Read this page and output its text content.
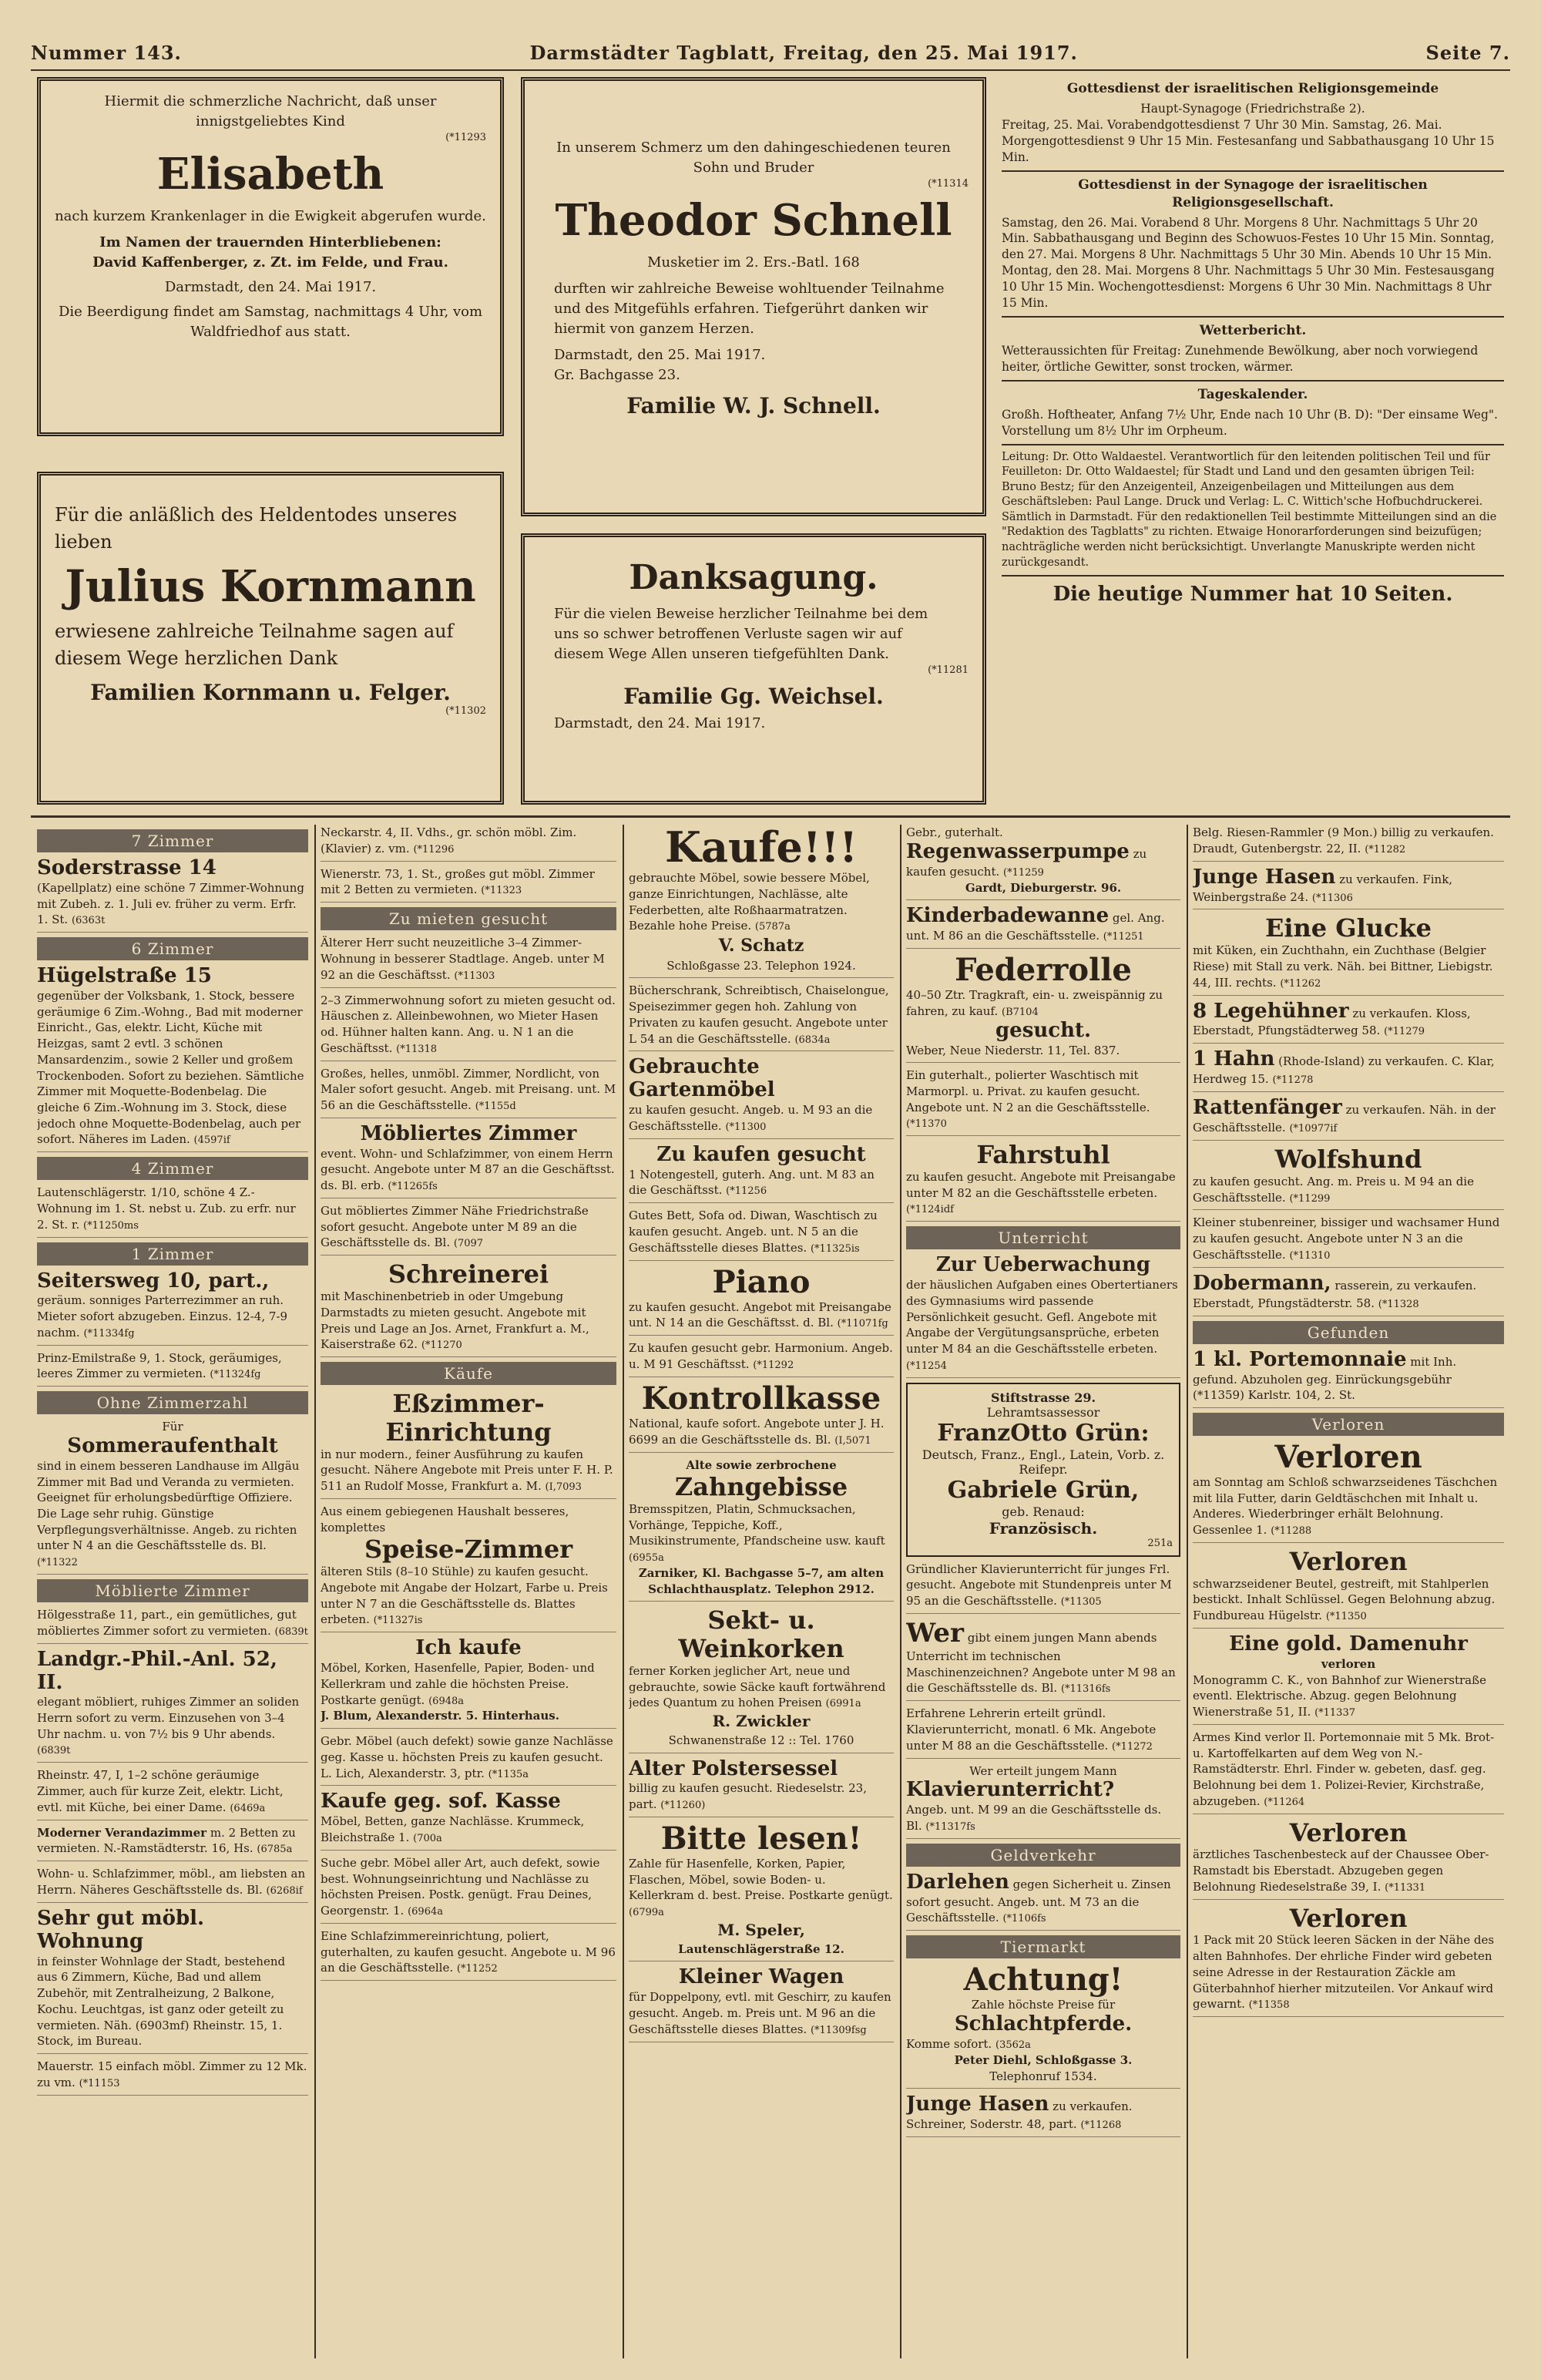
Nummer 143.	Darmstädter Tagblatt, Freitag, den 25. Mai 1917.	Seite 7.
Hiermit die schmerzliche Nachricht, daß unser innigstgeliebtes Kind
(*11293
Elisabeth
nach kurzem Krankenlager in die Ewigkeit abgerufen wurde.
Im Namen der trauernden Hinterbliebenen:
David Kaffenberger, z. Zt. im Felde, und Frau.
Darmstadt, den 24. Mai 1917.
Die Beerdigung findet am Samstag, nachmittags 4 Uhr, vom Waldfriedhof aus statt.
In unserem Schmerz um den dahingeschiedenen teuren Sohn und Bruder
(*11314
Theodor Schnell
Musketier im 2. Ers.-Batl. 168
durften wir zahlreiche Beweise wohltuender Teilnahme und des Mitgefühls erfahren. Tiefgerührt danken wir hiermit von ganzem Herzen.
Darmstadt, den 25. Mai 1917.
Gr. Bachgasse 23.
Familie W. J. Schnell.
Für die anläßlich des Heldentodes unseres lieben
Julius Kornmann
erwiesene zahlreiche Teilnahme sagen auf diesem Wege herzlichen Dank
Familien Kornmann u. Felger.
(*11302
Danksagung.
Für die vielen Beweise herzlicher Teilnahme bei dem uns so schwer betroffenen Verluste sagen wir auf diesem Wege Allen unseren tiefgefühlten Dank.
(*11281
Familie Gg. Weichsel.
Darmstadt, den 24. Mai 1917.
Gottesdienst der israelitischen Religionsgemeinde
Haupt-Synagoge (Friedrichstraße 2).
Freitag, 25. Mai. Vorabendgottesdienst 7 Uhr 30 Min. Samstag, 26. Mai. Morgengottesdienst 9 Uhr 15 Min. Festesanfang und Sabbathausgang 10 Uhr 15 Min.
Gottesdienst in der Synagoge der israelitischen Religionsgesellschaft.
Samstag, den 26. Mai. Vorabend 8 Uhr. Morgens 8 Uhr. Nachmittags 5 Uhr 20 Min. Sabbathausgang und Beginn des Schowuos-Festes 10 Uhr 15 Min. Sonntag, den 27. Mai. Morgens 8 Uhr. Nachmittags 5 Uhr 30 Min. Abends 10 Uhr 15 Min. Montag, den 28. Mai. Morgens 8 Uhr. Nachmittags 5 Uhr 30 Min. Festesausgang 10 Uhr 15 Min. Wochengottesdienst: Morgens 6 Uhr 30 Min. Nachmittags 8 Uhr 15 Min.
Wetterbericht.
Wetteraussichten für Freitag: Zunehmende Bewölkung, aber noch vorwiegend heiter, örtliche Gewitter, sonst trocken, wärmer.
Tageskalender.
Großh. Hoftheater, Anfang 7½ Uhr, Ende nach 10 Uhr (B. D): "Der einsame Weg". Vorstellung um 8½ Uhr im Orpheum.
Leitung: Dr. Otto Waldaestel. Verantwortlich für den leitenden politischen Teil und für Feuilleton: Dr. Otto Waldaestel; für Stadt und Land und den gesamten übrigen Teil: Bruno Bestz; für den Anzeigenteil, Anzeigenbeilagen und Mitteilungen aus dem Geschäftsleben: Paul Lange. Druck und Verlag: L. C. Wittich'sche Hofbuchdruckerei. Sämtlich in Darmstadt. Für den redaktionellen Teil bestimmte Mitteilungen sind an die "Redaktion des Tagblatts" zu richten. Etwaige Honorarforderungen sind beizufügen; nachträgliche werden nicht berücksichtigt. Unverlangte Manuskripte werden nicht zurückgesandt.
Die heutige Nummer hat 10 Seiten.
7 Zimmer
Soderstrasse 14
(Kapellplatz) eine schöne 7 Zimmer-Wohnung mit Zubeh. z. 1. Juli ev. früher zu verm. Erfr. 1. St. (6363t
6 Zimmer
Hügelstraße 15
gegenüber der Volksbank, 1. Stock, bessere geräumige 6 Zim.-Wohng., Bad mit moderner Einricht., Gas, elektr. Licht, Küche mit Heizgas, samt 2 evtl. 3 schönen Mansardenzim., sowie 2 Keller und großem Trockenboden. Sofort zu beziehen. Sämtliche Zimmer mit Moquette-Bodenbelag. Die gleiche 6 Zim.-Wohnung im 3. Stock, diese jedoch ohne Moquette-Bodenbelag, auch per sofort. Näheres im Laden. (4597if
4 Zimmer
Lautenschlägerstr. 1/10, schöne 4 Z.-Wohnung im 1. St. nebst u. Zub. zu erfr. nur 2. St. r. (*11250ms
1 Zimmer
Seitersweg 10, part.,
geräum. sonniges Parterrezimmer an ruh. Mieter sofort abzugeben. Einzus. 12-4, 7-9 nachm. (*11334fg
Prinz-Emilstraße 9, 1. Stock, geräumiges, leeres Zimmer zu vermieten. (*11324fg
Ohne Zimmerzahl
Für
Sommeraufenthalt
sind in einem besseren Landhause im Allgäu Zimmer mit Bad und Veranda zu vermieten. Geeignet für erholungsbedürftige Offiziere. Die Lage sehr ruhig. Günstige Verpflegungsverhältnisse. Angeb. zu richten unter N 4 an die Geschäftsstelle ds. Bl. (*11322
Möblierte Zimmer
Hölgesstraße 11, part., ein gemütliches, gut möbliertes Zimmer sofort zu vermieten. (6839t
Landgr.-Phil.-Anl. 52, II.
elegant möbliert, ruhiges Zimmer an soliden Herrn sofort zu verm. Einzusehen von 3–4 Uhr nachm. u. von 7½ bis 9 Uhr abends. (6839t
Rheinstr. 47, I, 1–2 schöne geräumige Zimmer, auch für kurze Zeit, elektr. Licht, evtl. mit Küche, bei einer Dame. (6469a
Moderner Verandazimmer m. 2 Betten zu vermieten. N.-Ramstädterstr. 16, Hs. (6785a
Wohn- u. Schlafzimmer, möbl., am liebsten an Herrn. Näheres Geschäftsstelle ds. Bl. (6268if
Sehr gut möbl. Wohnung
in feinster Wohnlage der Stadt, bestehend aus 6 Zimmern, Küche, Bad und allem Zubehör, mit Zentralheizung, 2 Balkone, Kochu. Leuchtgas, ist ganz oder geteilt zu vermieten. Näh. (6903mf) Rheinstr. 15, 1. Stock, im Bureau.
Mauerstr. 15 einfach möbl. Zimmer zu 12 Mk. zu vm. (*11153
Neckarstr. 4, II. Vdhs., gr. schön möbl. Zim. (Klavier) z. vm. (*11296
Wienerstr. 73, 1. St., großes gut möbl. Zimmer mit 2 Betten zu vermieten. (*11323
Zu mieten gesucht
Älterer Herr sucht neuzeitliche 3–4 Zimmer-Wohnung in besserer Stadtlage. Angeb. unter M 92 an die Geschäftsst. (*11303
2–3 Zimmerwohnung sofort zu mieten gesucht od. Häuschen z. Alleinbewohnen, wo Mieter Hasen od. Hühner halten kann. Ang. u. N 1 an die Geschäftsst. (*11318
Großes, helles, unmöbl. Zimmer, Nordlicht, von Maler sofort gesucht. Angeb. mit Preisang. unt. M 56 an die Geschäftsstelle. (*1155d
Möbliertes Zimmer
event. Wohn- und Schlafzimmer, von einem Herrn gesucht. Angebote unter M 87 an die Geschäftsst. ds. Bl. erb. (*11265fs
Gut möbliertes Zimmer Nähe Friedrichstraße sofort gesucht. Angebote unter M 89 an die Geschäftsstelle ds. Bl. (7097
Schreinerei
mit Maschinenbetrieb in oder Umgebung Darmstadts zu mieten gesucht. Angebote mit Preis und Lage an Jos. Arnet, Frankfurt a. M., Kaiserstraße 62. (*11270
Käufe
Eßzimmer-Einrichtung
in nur modern., feiner Ausführung zu kaufen gesucht. Nähere Angebote mit Preis unter F. H. P. 511 an Rudolf Mosse, Frankfurt a. M. (I,7093
Aus einem gebiegenen Haushalt besseres, komplettes
Speise-Zimmer
älteren Stils (8–10 Stühle) zu kaufen gesucht. Angebote mit Angabe der Holzart, Farbe u. Preis unter N 7 an die Geschäftsstelle ds. Blattes erbeten. (*11327is
Ich kaufe
Möbel, Korken, Hasenfelle, Papier, Boden- und Kellerkram und zahle die höchsten Preise. Postkarte genügt. (6948a
J. Blum, Alexanderstr. 5. Hinterhaus.
Gebr. Möbel (auch defekt) sowie ganze Nachlässe geg. Kasse u. höchsten Preis zu kaufen gesucht. L. Lich, Alexanderstr. 3, ptr. (*1135a
Kaufe geg. sof. Kasse
Möbel, Betten, ganze Nachlässe. Krummeck, Bleichstraße 1. (700a
Suche gebr. Möbel aller Art, auch defekt, sowie best. Wohnungseinrichtung und Nachlässe zu höchsten Preisen. Postk. genügt. Frau Deines, Georgenstr. 1. (6964a
Eine Schlafzimmereinrichtung, poliert, guterhalten, zu kaufen gesucht. Angebote u. M 96 an die Geschäftsstelle. (*11252
Kaufe!!!
gebrauchte Möbel, sowie bessere Möbel, ganze Einrichtungen, Nachlässe, alte Federbetten, alte Roßhaarmatratzen. Bezahle hohe Preise. (5787a
V. Schatz
Schloßgasse 23. Telephon 1924.
Bücherschrank, Schreibtisch, Chaiselongue, Speisezimmer gegen hoh. Zahlung von Privaten zu kaufen gesucht. Angebote unter L 54 an die Geschäftsstelle. (6834a
Gebrauchte Gartenmöbel
zu kaufen gesucht. Angeb. u. M 93 an die Geschäftsstelle. (*11300
Zu kaufen gesucht
1 Notengestell, guterh. Ang. unt. M 83 an die Geschäftsst. (*11256
Gutes Bett, Sofa od. Diwan, Waschtisch zu kaufen gesucht. Angeb. unt. N 5 an die Geschäftsstelle dieses Blattes. (*11325is
Piano
zu kaufen gesucht. Angebot mit Preisangabe unt. N 14 an die Geschäftsst. d. Bl. (*11071fg
Zu kaufen gesucht gebr. Harmonium. Angeb. u. M 91 Geschäftsst. (*11292
Kontrollkasse
National, kaufe sofort. Angebote unter J. H. 6699 an die Geschäftsstelle ds. Bl. (I,5071
Alte sowie zerbrochene
Zahngebisse
Bremsspitzen, Platin, Schmucksachen, Vorhänge, Teppiche, Koff., Musikinstrumente, Pfandscheine usw. kauft (6955a
Zarniker, Kl. Bachgasse 5–7, am alten Schlachthausplatz. Telephon 2912.
Sekt- u. Weinkorken
ferner Korken jeglicher Art, neue und gebrauchte, sowie Säcke kauft fortwährend jedes Quantum zu hohen Preisen (6991a
R. Zwickler
Schwanenstraße 12 :: Tel. 1760
Alter Polstersessel
billig zu kaufen gesucht. Riedeselstr. 23, part. (*11260)
Bitte lesen!
Zahle für Hasenfelle, Korken, Papier, Flaschen, Möbel, sowie Boden- u. Kellerkram d. best. Preise. Postkarte genügt. (6799a
M. Speler,
Lautenschlägerstraße 12.
Kleiner Wagen
für Doppelpony, evtl. mit Geschirr, zu kaufen gesucht. Angeb. m. Preis unt. M 96 an die Geschäftsstelle dieses Blattes. (*11309fsg
Gebr., guterhalt. Regenwasserpumpe zu kaufen gesucht. (*11259
Gardt, Dieburgerstr. 96.
Kinderbadewanne gel. Ang. unt. M 86 an die Geschäftsstelle. (*11251
Federrolle
40–50 Ztr. Tragkraft, ein- u. zweispännig zu fahren, zu kauf. (B7104
gesucht.
Weber, Neue Niederstr. 11, Tel. 837.
Ein guterhalt., polierter Waschtisch mit Marmorpl. u. Privat. zu kaufen gesucht. Angebote unt. N 2 an die Geschäftsstelle. (*11370
Fahrstuhl
zu kaufen gesucht. Angebote mit Preisangabe unter M 82 an die Geschäftsstelle erbeten. (*1124idf
Unterricht
Zur Ueberwachung
der häuslichen Aufgaben eines Obertertianers des Gymnasiums wird passende Persönlichkeit gesucht. Gefl. Angebote mit Angabe der Vergütungsansprüche, erbeten unter M 84 an die Geschäftsstelle erbeten. (*11254
Stiftstrasse 29.
Lehramtsassessor
FranzOtto Grün:
Deutsch, Franz., Engl., Latein, Vorb. z. Reifepr.
Gabriele Grün,
geb. Renaud:
Französisch.
251a
Gründlicher Klavierunterricht für junges Frl. gesucht. Angebote mit Stundenpreis unter M 95 an die Geschäftsstelle. (*11305
Wer gibt einem jungen Mann abends Unterricht im technischen Maschinenzeichnen? Angebote unter M 98 an die Geschäftsstelle ds. Bl. (*11316fs
Erfahrene Lehrerin erteilt gründl. Klavierunterricht, monatl. 6 Mk. Angebote unter M 88 an die Geschäftsstelle. (*11272
Wer erteilt jungem Mann
Klavierunterricht?
Angeb. unt. M 99 an die Geschäftsstelle ds. Bl. (*11317fs
Geldverkehr
Darlehen gegen Sicherheit u. Zinsen sofort gesucht. Angeb. unt. M 73 an die Geschäftsstelle. (*1106fs
Tiermarkt
Achtung!
Zahle höchste Preise für
Schlachtpferde.
Komme sofort. (3562a
Peter Diehl, Schloßgasse 3.
Telephonruf 1534.
Junge Hasen zu verkaufen. Schreiner, Soderstr. 48, part. (*11268
Belg. Riesen-Rammler (9 Mon.) billig zu verkaufen. Draudt, Gutenbergstr. 22, II. (*11282
Junge Hasen zu verkaufen. Fink, Weinbergstraße 24. (*11306
Eine Glucke
mit Küken, ein Zuchthahn, ein Zuchthase (Belgier Riese) mit Stall zu verk. Näh. bei Bittner, Liebigstr. 44, III. rechts. (*11262
8 Legehühner zu verkaufen. Kloss, Eberstadt, Pfungstädterweg 58. (*11279
1 Hahn (Rhode-Island) zu verkaufen. C. Klar, Herdweg 15. (*11278
Rattenfänger zu verkaufen. Näh. in der Geschäftsstelle. (*10977if
Wolfshund
zu kaufen gesucht. Ang. m. Preis u. M 94 an die Geschäftsstelle. (*11299
Kleiner stubenreiner, bissiger und wachsamer Hund zu kaufen gesucht. Angebote unter N 3 an die Geschäftsstelle. (*11310
Dobermann, rasserein, zu verkaufen. Eberstadt, Pfungstädterstr. 58. (*11328
Gefunden
1 kl. Portemonnaie mit Inh. gefund. Abzuholen geg. Einrückungsgebühr (*11359) Karlstr. 104, 2. St.
Verloren
Verloren
am Sonntag am Schloß schwarzseidenes Täschchen mit lila Futter, darin Geldtäschchen mit Inhalt u. Anderes. Wiederbringer erhält Belohnung. Gessenlee 1. (*11288
Verloren
schwarzseidener Beutel, gestreift, mit Stahlperlen bestickt. Inhalt Schlüssel. Gegen Belohnung abzug. Fundbureau Hügelstr. (*11350
Eine gold. Damenuhr
verloren
Monogramm C. K., von Bahnhof zur Wienerstraße eventl. Elektrische. Abzug. gegen Belohnung Wienerstraße 51, II. (*11337
Armes Kind verlor Il. Portemonnaie mit 5 Mk. Brot- u. Kartoffelkarten auf dem Weg von N.-Ramstädterstr. Ehrl. Finder w. gebeten, dasf. geg. Belohnung bei dem 1. Polizei-Revier, Kirchstraße, abzugeben. (*11264
Verloren
ärztliches Taschenbesteck auf der Chaussee Ober-Ramstadt bis Eberstadt. Abzugeben gegen Belohnung Riedeselstraße 39, I. (*11331
Verloren
1 Pack mit 20 Stück leeren Säcken in der Nähe des alten Bahnhofes. Der ehrliche Finder wird gebeten seine Adresse in der Restauration Zäckle am Güterbahnhof hierher mitzuteilen. Vor Ankauf wird gewarnt. (*11358
